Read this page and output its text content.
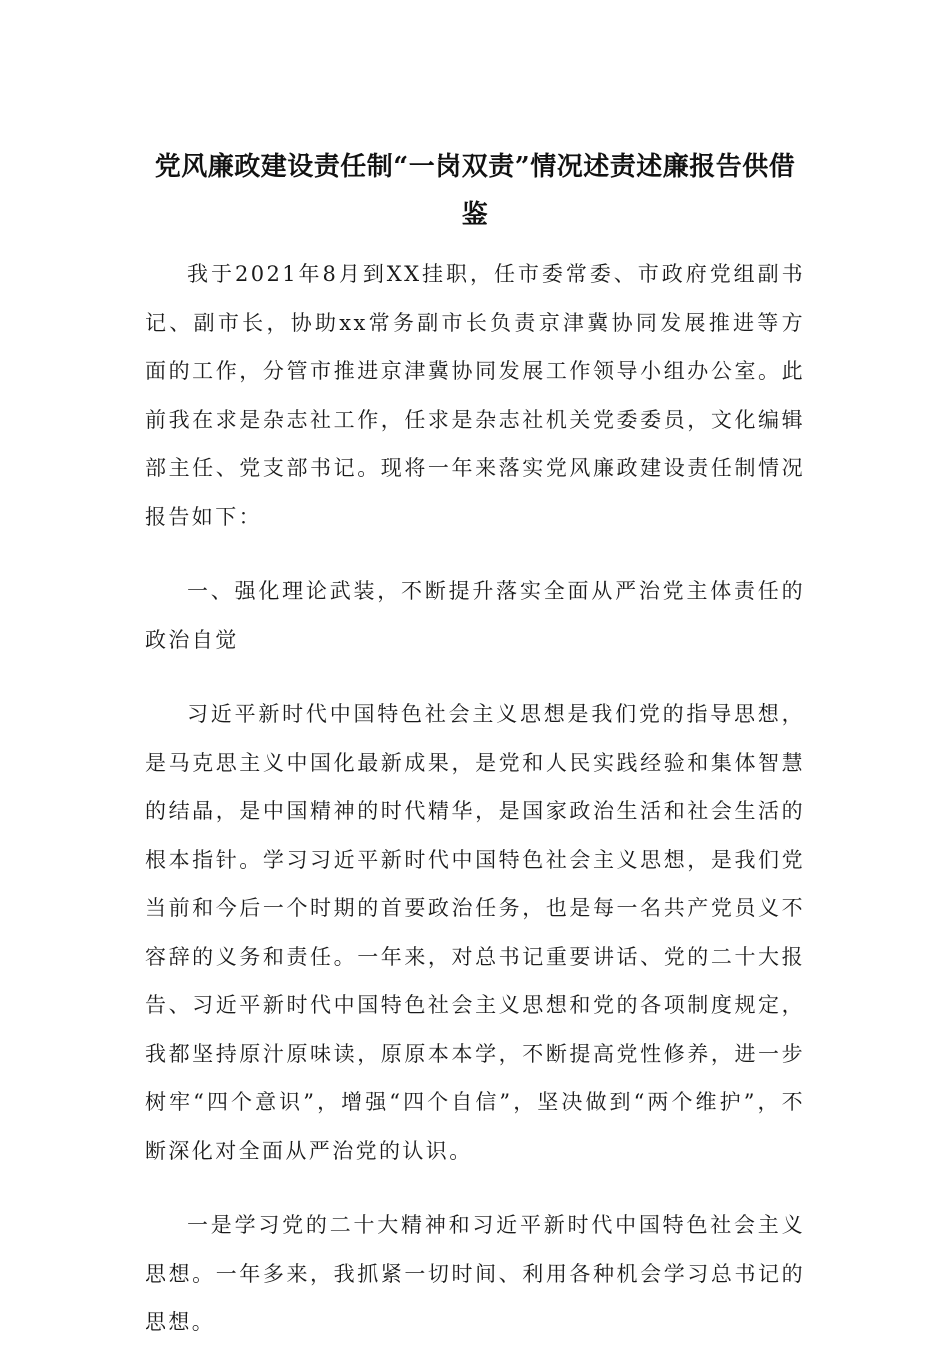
党风廉政建设责任制“一岗双责”情况述责述廉报告供借鉴

我于2021年8月到XX挂职，任市委常委、市政府党组副书记、副市长，协助xx常务副市长负责京津冀协同发展推进等方面的工作，分管市推进京津冀协同发展工作领导小组办公室。此前我在求是杂志社工作，任求是杂志社机关党委委员，文化编辑部主任、党支部书记。现将一年来落实党风廉政建设责任制情况报告如下：

一、强化理论武装，不断提升落实全面从严治党主体责任的政治自觉

习近平新时代中国特色社会主义思想是我们党的指导思想，是马克思主义中国化最新成果，是党和人民实践经验和集体智慧的结晶，是中国精神的时代精华，是国家政治生活和社会生活的根本指针。学习习近平新时代中国特色社会主义思想，是我们党当前和今后一个时期的首要政治任务，也是每一名共产党员义不容辞的义务和责任。一年来，对总书记重要讲话、党的二十大报告、习近平新时代中国特色社会主义思想和党的各项制度规定，我都坚持原汁原味读，原原本本学，不断提高党性修养，进一步树牢“四个意识”，增强“四个自信”，坚决做到“两个维护”，不断深化对全面从严治党的认识。

一是学习党的二十大精神和习近平新时代中国特色社会主义思想。一年多来，我抓紧一切时间、利用各种机会学习总书记的思想。
